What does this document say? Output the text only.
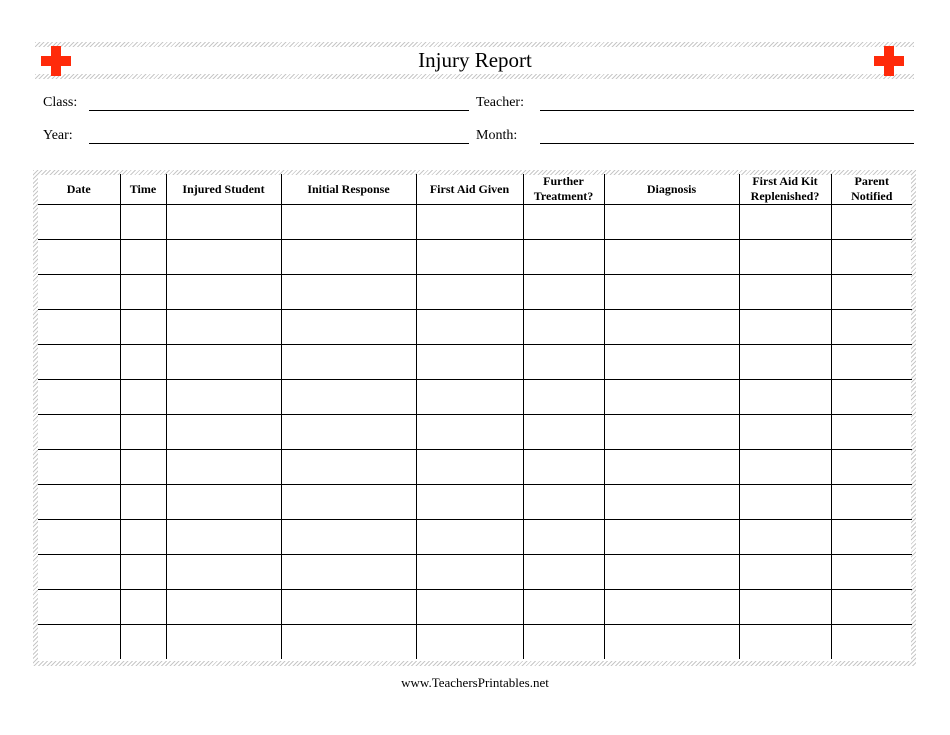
Injury Report
Class:	Teacher:
Year:	Month:
Date	Time	Injured Student	Initial Response	First Aid Given	Further Treatment?	Diagnosis	First Aid Kit Replenished?	Parent Notified

www.TeachersPrintables.net
